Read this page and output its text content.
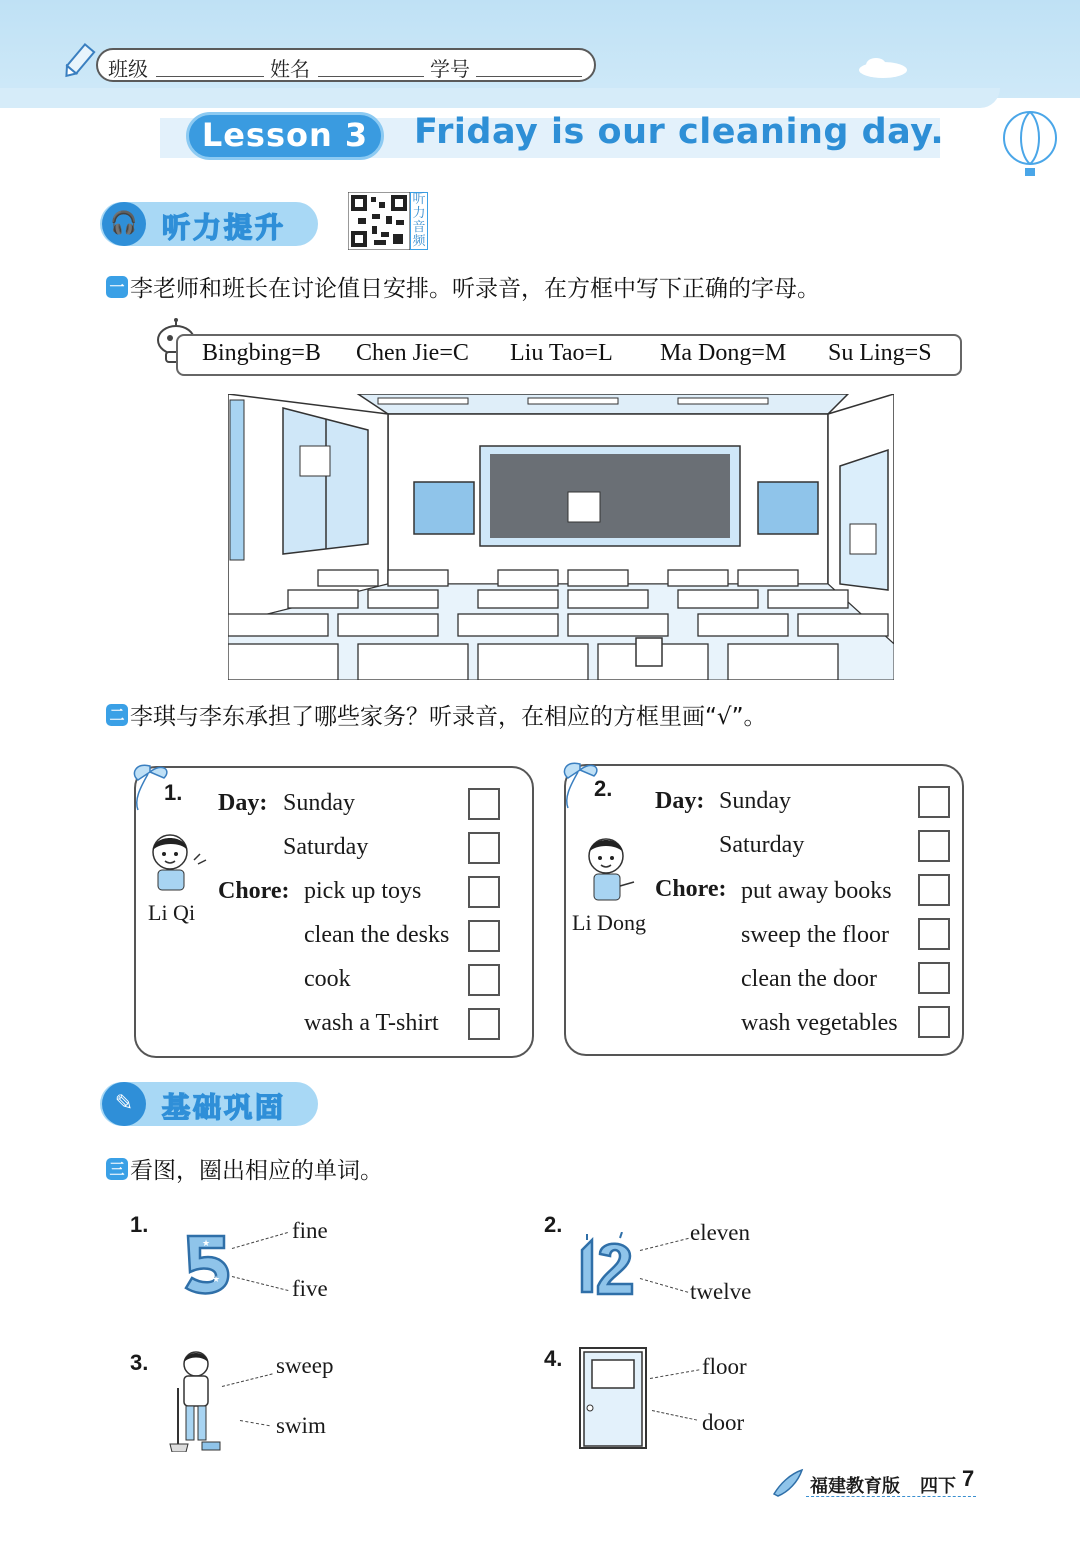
班级	姓名	学号
Lesson 3	Friday is our cleaning day.
🎧 听力提升
听力音频
一 李老师和班长在讨论值日安排。听录音，在方框中写下正确的字母。
Bingbing=B Chen Jie=C Liu Tao=L Ma Dong=M Su Ling=S
二 李琪与李东承担了哪些家务？听录音，在相应的方框里画“√”。
1.
Li Qi
Day: Sunday
Saturday
Chore: pick up toys
clean the desks
cook
wash a T-shirt
2.
Li Dong
Day: Sunday
Saturday
Chore: put away books
sweep the floor
clean the door
wash vegetables
✎	基础巩固
三 看图，圈出相应的单词。
1.
★
★
fine
five
2.	eleven
twelve
3.	sweep
swim
4.	floor
door
福建教育版 四下 7
